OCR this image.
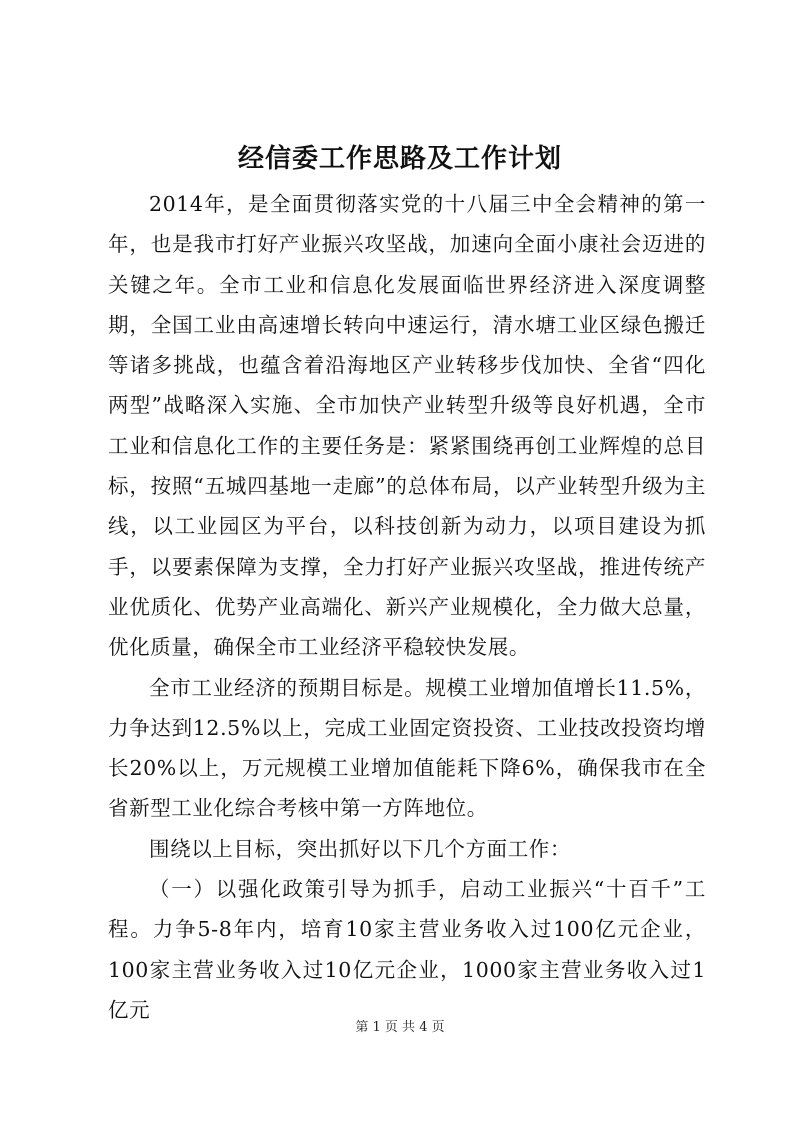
经信委工作思路及工作计划

2014年，是全面贯彻落实党的十八届三中全会精神的第一年，也是我市打好产业振兴攻坚战，加速向全面小康社会迈进的关键之年。全市工业和信息化发展面临世界经济进入深度调整期，全国工业由高速增长转向中速运行，清水塘工业区绿色搬迁等诸多挑战，也蕴含着沿海地区产业转移步伐加快、全省“四化两型”战略深入实施、全市加快产业转型升级等良好机遇，全市工业和信息化工作的主要任务是：紧紧围绕再创工业辉煌的总目标，按照“五城四基地一走廊”的总体布局，以产业转型升级为主线，以工业园区为平台，以科技创新为动力，以项目建设为抓手，以要素保障为支撑，全力打好产业振兴攻坚战，推进传统产业优质化、优势产业高端化、新兴产业规模化，全力做大总量，优化质量，确保全市工业经济平稳较快发展。

全市工业经济的预期目标是。规模工业增加值增长11.5%，力争达到12.5%以上，完成工业固定资投资、工业技改投资均增长20%以上，万元规模工业增加值能耗下降6%，确保我市在全省新型工业化综合考核中第一方阵地位。

围绕以上目标，突出抓好以下几个方面工作：

（一）以强化政策引导为抓手，启动工业振兴“十百千”工程。力争5-8年内，培育10家主营业务收入过100亿元企业，100家主营业务收入过10亿元企业，1000家主营业务收入过1亿元

第 1 页 共 4 页
